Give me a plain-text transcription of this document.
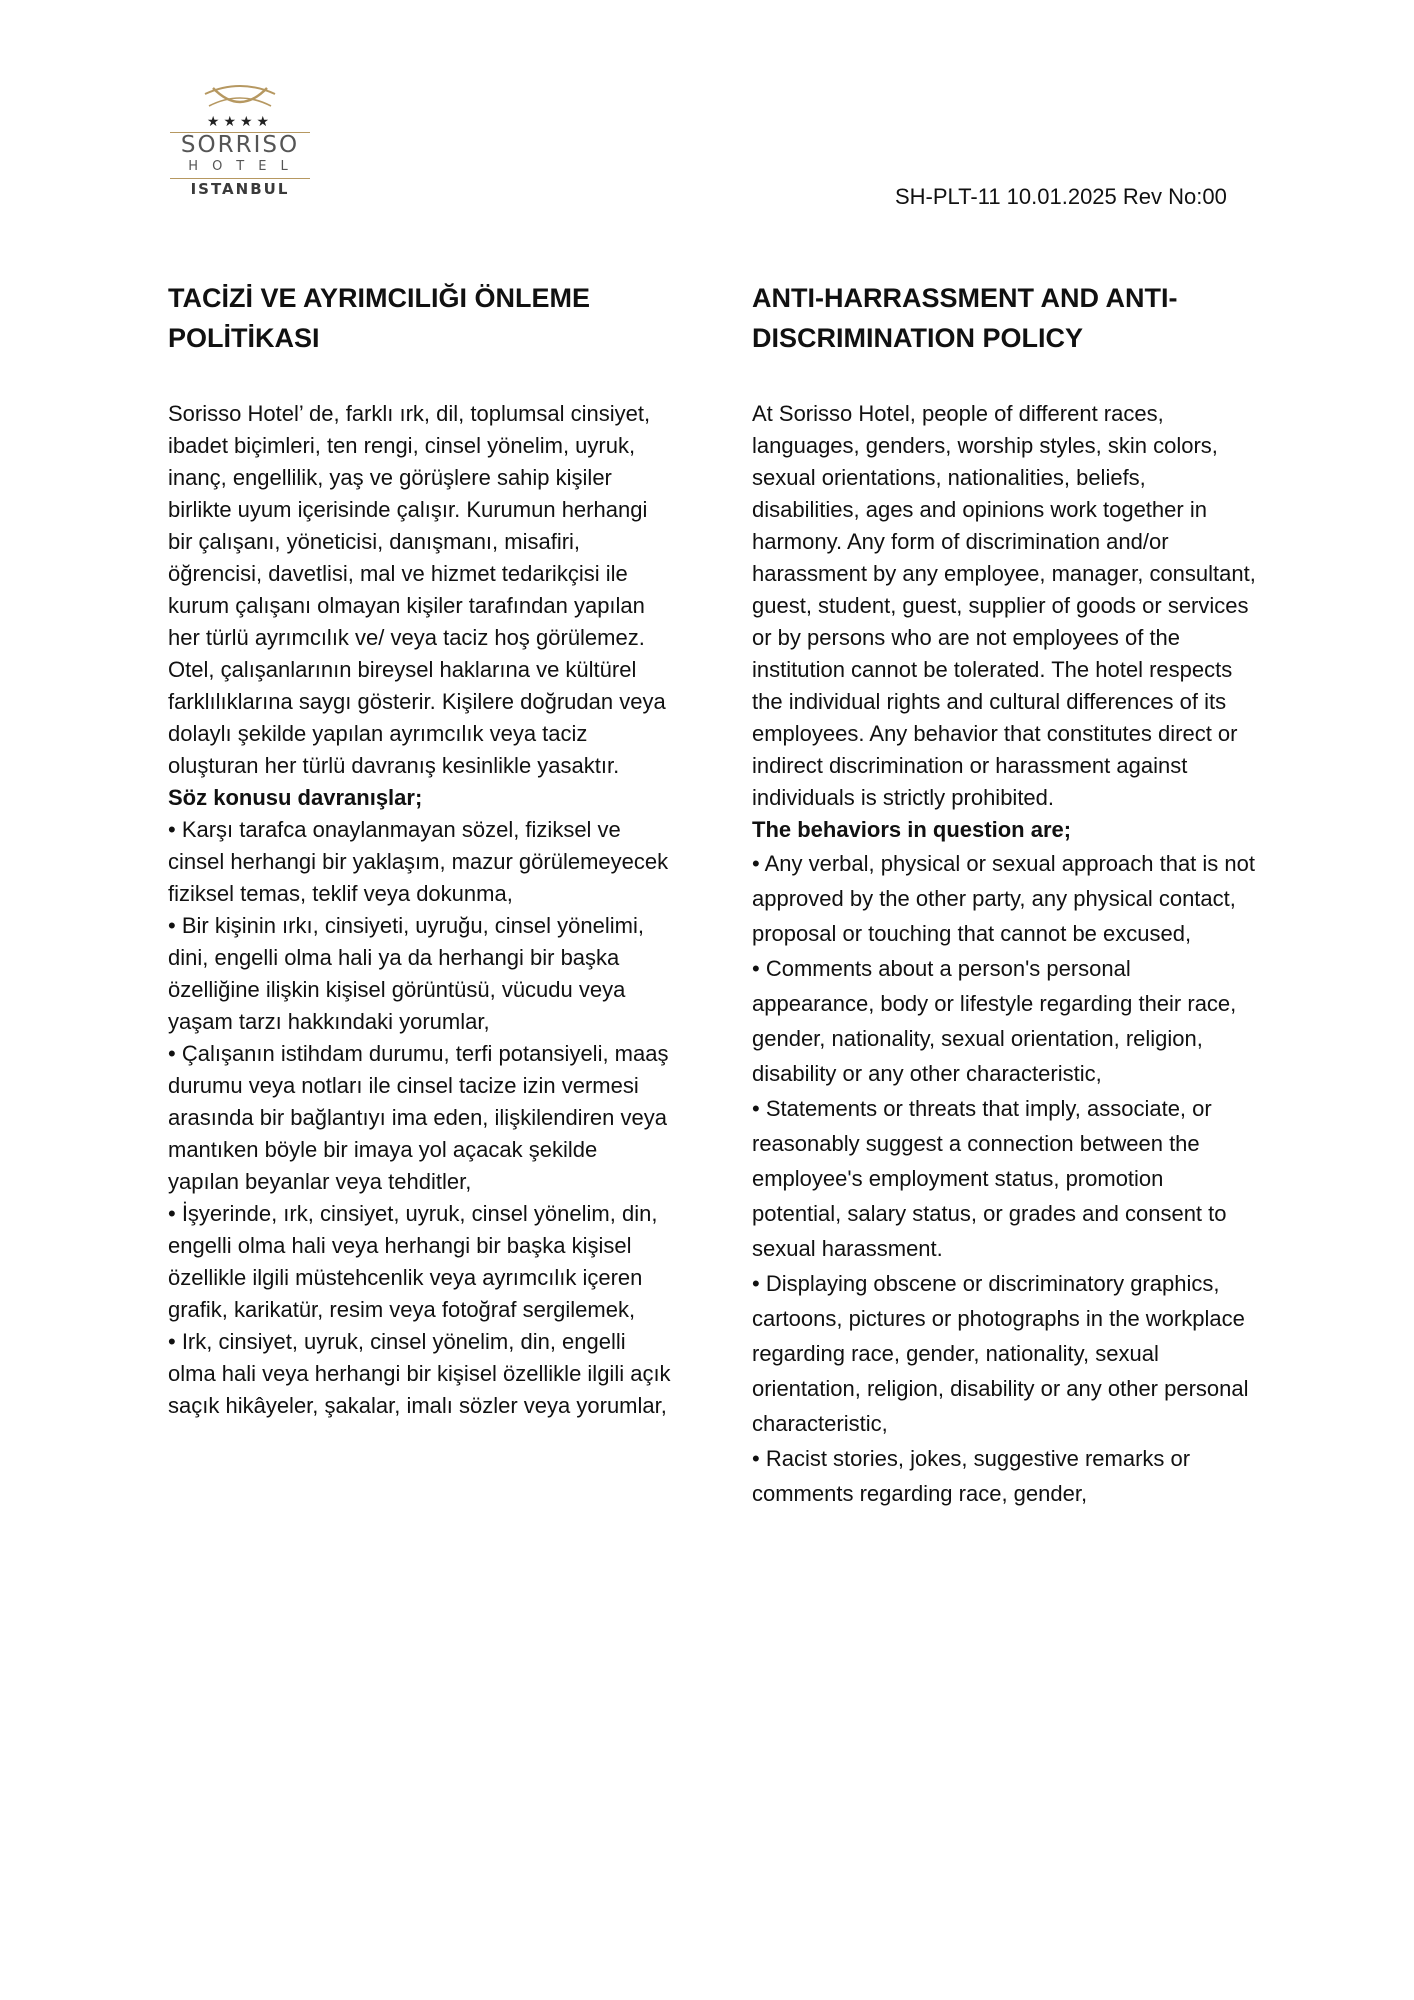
★★★★
SORRISO
HOTEL
ISTANBUL	SH-PLT-11 10.01.2025 Rev No:00
TACİZİ VE AYRIMCILIĞI ÖNLEME POLİTİKASI

Sorisso Hotel’ de, farklı ırk, dil, toplumsal cinsiyet, ibadet biçimleri, ten rengi, cinsel yönelim, uyruk, inanç, engellilik, yaş ve görüşlere sahip kişiler birlikte uyum içerisinde çalışır. Kurumun herhangi bir çalışanı, yöneticisi, danışmanı, misafiri, öğrencisi, davetlisi, mal ve hizmet tedarikçisi ile kurum çalışanı olmayan kişiler tarafından yapılan her türlü ayrımcılık ve/ veya taciz hoş görülemez. Otel, çalışanlarının bireysel haklarına ve kültürel farklılıklarına saygı gösterir. Kişilere doğrudan veya dolaylı şekilde yapılan ayrımcılık veya taciz oluşturan her türlü davranış kesinlikle yasaktır.

Söz konusu davranışlar;

• Karşı tarafca onaylanmayan sözel, fiziksel ve cinsel herhangi bir yaklaşım, mazur görülemeyecek fiziksel temas, teklif veya dokunma,

• Bir kişinin ırkı, cinsiyeti, uyruğu, cinsel yönelimi, dini, engelli olma hali ya da herhangi bir başka özelliğine ilişkin kişisel görüntüsü, vücudu veya yaşam tarzı hakkındaki yorumlar,

• Çalışanın istihdam durumu, terfi potansiyeli, maaş durumu veya notları ile cinsel tacize izin vermesi arasında bir bağlantıyı ima eden, ilişkilendiren veya mantıken böyle bir imaya yol açacak şekilde yapılan beyanlar veya tehditler,

• İşyerinde, ırk, cinsiyet, uyruk, cinsel yönelim, din, engelli olma hali veya herhangi bir başka kişisel özellikle ilgili müstehcenlik veya ayrımcılık içeren grafik, karikatür, resim veya fotoğraf sergilemek,

• Irk, cinsiyet, uyruk, cinsel yönelim, din, engelli olma hali veya herhangi bir kişisel özellikle ilgili açık saçık hikâyeler, şakalar, imalı sözler veya yorumlar,

ANTI-HARRASSMENT AND ANTI-DISCRIMINATION POLICY

At Sorisso Hotel, people of different races, languages, genders, worship styles, skin colors, sexual orientations, nationalities, beliefs, disabilities, ages and opinions work together in harmony. Any form of discrimination and/or harassment by any employee, manager, consultant, guest, student, guest, supplier of goods or services or by persons who are not employees of the institution cannot be tolerated. The hotel respects the individual rights and cultural differences of its employees. Any behavior that constitutes direct or indirect discrimination or harassment against individuals is strictly prohibited.

The behaviors in question are;

• Any verbal, physical or sexual approach that is not approved by the other party, any physical contact, proposal or touching that cannot be excused,

• Comments about a person's personal appearance, body or lifestyle regarding their race, gender, nationality, sexual orientation, religion, disability or any other characteristic,

• Statements or threats that imply, associate, or reasonably suggest a connection between the employee's employment status, promotion potential, salary status, or grades and consent to sexual harassment.

• Displaying obscene or discriminatory graphics, cartoons, pictures or photographs in the workplace regarding race, gender, nationality, sexual orientation, religion, disability or any other personal characteristic,

• Racist stories, jokes, suggestive remarks or comments regarding race, gender,
